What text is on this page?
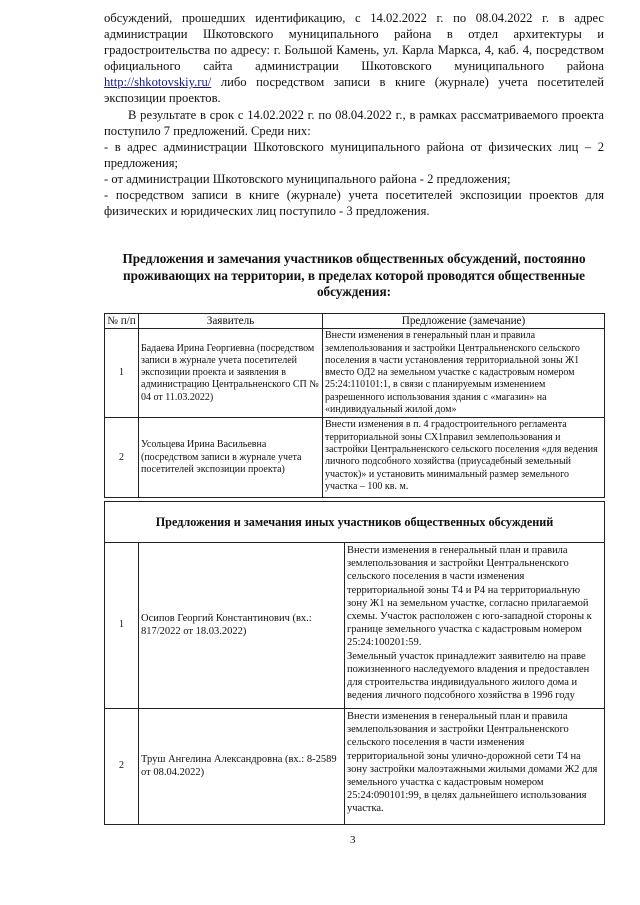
обсуждений, прошедших идентификацию, с 14.02.2022 г. по 08.04.2022 г. в адрес администрации Шкотовского муниципального района в отдел архитектуры и градостроительства по адресу: г. Большой Камень, ул. Карла Маркса, 4, каб. 4, посредством официального сайта администрации Шкотовского муниципального района http://shkotovskiy.ru/ либо посредством записи в книге (журнале) учета посетителей экспозиции проектов.

В результате в срок с 14.02.2022 г. по 08.04.2022 г., в рамках рассматриваемого проекта поступило 7 предложений. Среди них:

- в адрес администрации Шкотовского муниципального района от физических лиц – 2 предложения;

- от администрации Шкотовского муниципального района - 2 предложения;

- посредством записи в книге (журнале) учета посетителей экспозиции проектов для физических и юридических лиц поступило - 3 предложения.

Предложения и замечания участников общественных обсуждений, постоянно проживающих на территории, в пределах которой проводятся общественные обсуждения:
№ п/п	Заявитель	Предложение (замечание)
1	Бадаева Ирина Георгиевна (посредством записи в журнале учета посетителей экспозиции проекта и заявления в администрацию Центральненского СП № 04 от 11.03.2022)	Внести изменения в генеральный план и правила землепользования и застройки Центральненского сельского поселения в части установления территориальной зоны Ж1 вместо ОД2 на земельном участке с кадастровым номером 25:24:110101:1, в связи с планируемым изменением разрешенного использования здания с «магазин» на «индивидуальный жилой дом»
2	Усольцева Ирина Васильевна (посредством записи в журнале учета посетителей экспозиции проекта)	Внести изменения в п. 4 градостроительного регламента территориальной зоны СХ1правил землепользования и застройки Центральненского сельского поселения «для ведения личного подсобного хозяйства (приусадебный земельный участок)» и установить минимальный размер земельного участка – 100 кв. м.
Предложения и замечания иных участников общественных обсуждений		
1	Осипов Георгий Константинович (вх.: 817/2022 от 18.03.2022)	Внести изменения в генеральный план и правила землепользования и застройки Центральненского сельского поселения в части изменения территориальной зоны Т4 и Р4 на территориальную зону Ж1 на земельном участке, согласно прилагаемой схемы. Участок расположен с юго-западной стороны к границе земельного участка с кадастровым номером 25:24:100201:59.
Земельный участок принадлежит заявителю на праве пожизненного наследуемого владения и предоставлен для строительства индивидуального жилого дома и ведения личного подсобного хозяйства в 1996 году

2	Труш Ангелина Александровна (вх.: 8-2589 от 08.04.2022)	Внести изменения в генеральный план и правила землепользования и застройки Центральненского сельского поселения в части изменения территориальной зоны улично-дорожной сети Т4 на зону застройки малоэтажными жилыми домами Ж2 для земельного участка с кадастровым номером 25:24:090101:99, в целях дальнейшего использования участка.
3
